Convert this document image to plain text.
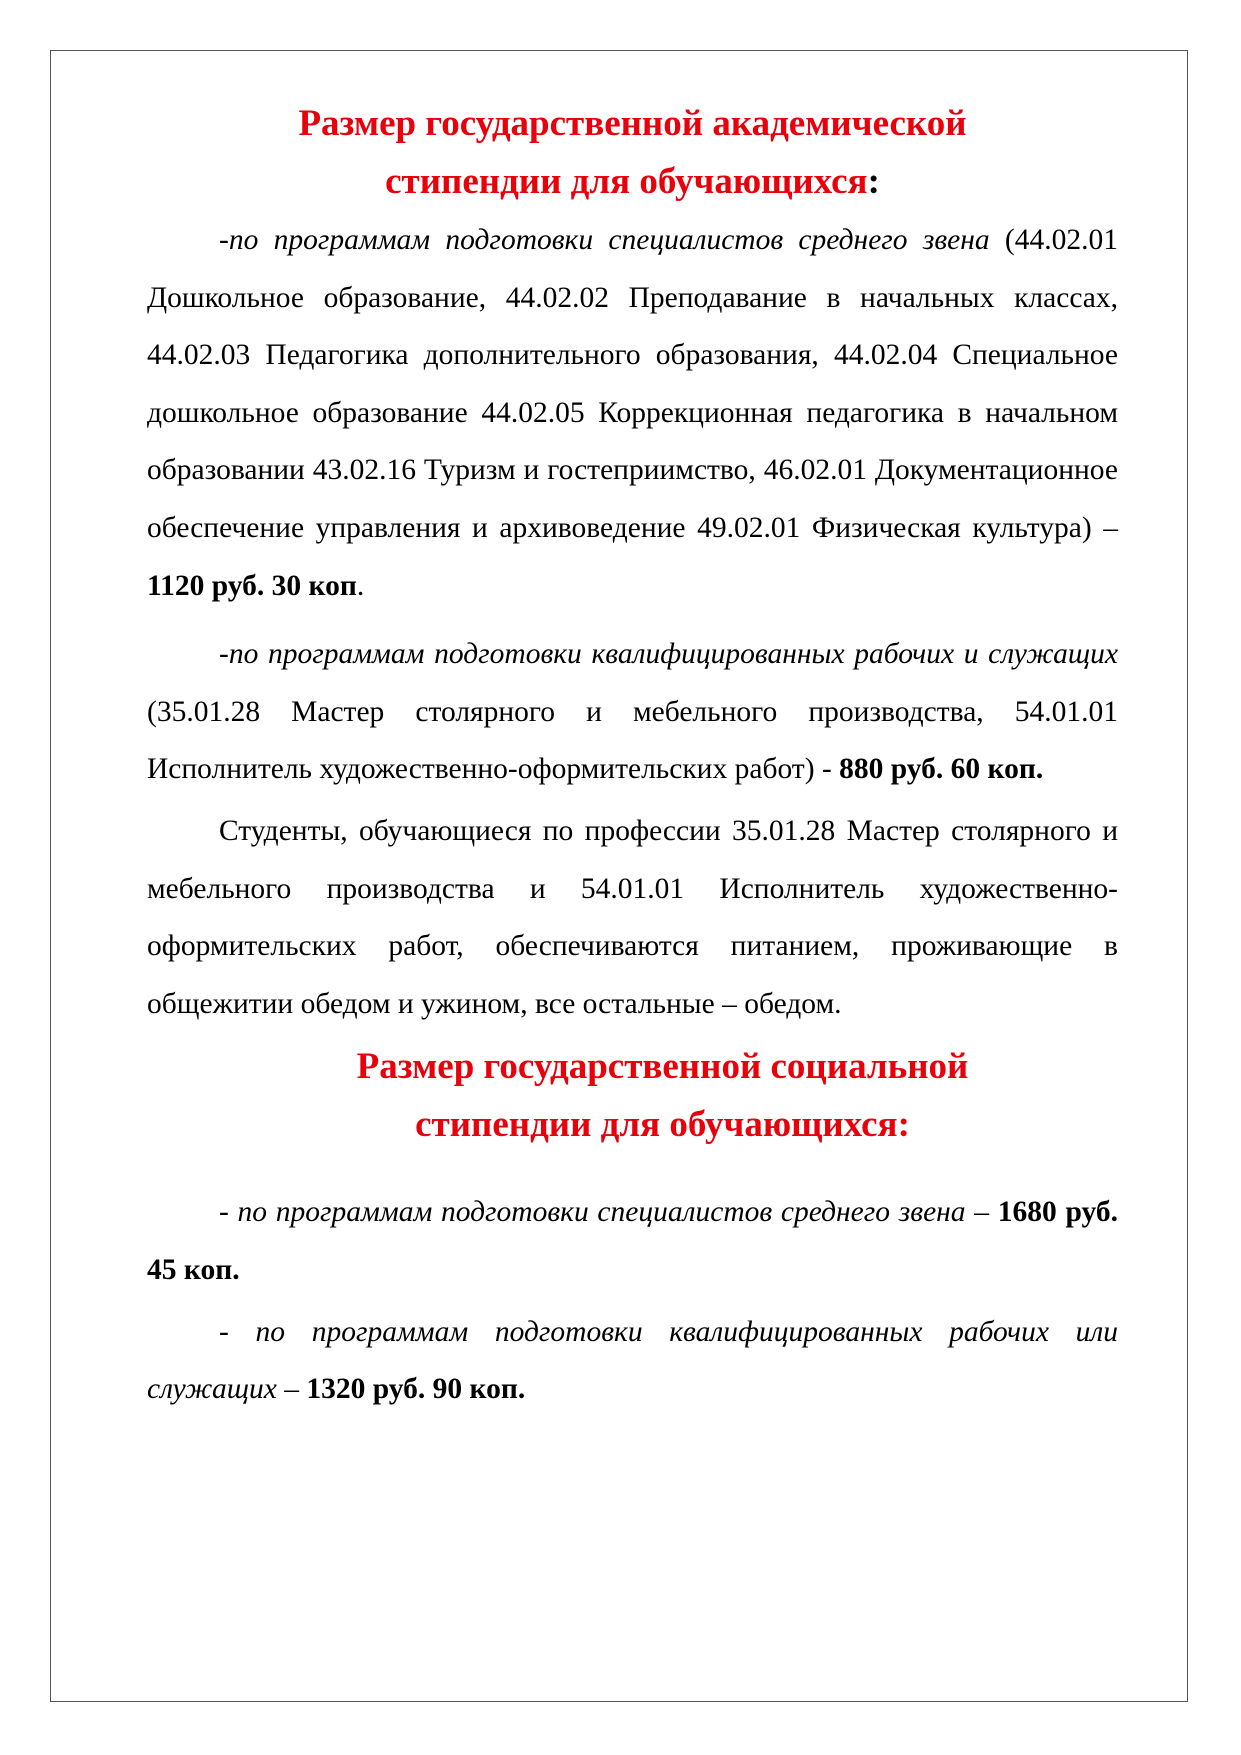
Размер государственной академической
стипендии для обучающихся:

-по программам подготовки специалистов среднего звена (44.02.01 Дошкольное образование, 44.02.02 Преподавание в начальных классах, 44.02.03 Педагогика дополнительного образования, 44.02.04 Специальное дошкольное образование 44.02.05 Коррекционная педагогика в начальном образовании 43.02.16 Туризм и гостеприимство, 46.02.01 Документационное обеспечение управления и архивоведение 49.02.01 Физическая культура) – 1120 руб. 30 коп.

-по программам подготовки квалифицированных рабочих и служащих (35.01.28 Мастер столярного и мебельного производства, 54.01.01 Исполнитель художественно-оформительских работ) - 880 руб. 60 коп.

Студенты, обучающиеся по профессии 35.01.28 Мастер столярного и мебельного производства и 54.01.01 Исполнитель художественно-оформительских работ, обеспечиваются питанием, проживающие в общежитии обедом и ужином, все остальные – обедом.

Размер государственной социальной
стипендии для обучающихся:

- по программам подготовки специалистов среднего звена – 1680 руб. 45 коп.

- по программам подготовки квалифицированных рабочих или служащих – 1320 руб. 90 коп.
